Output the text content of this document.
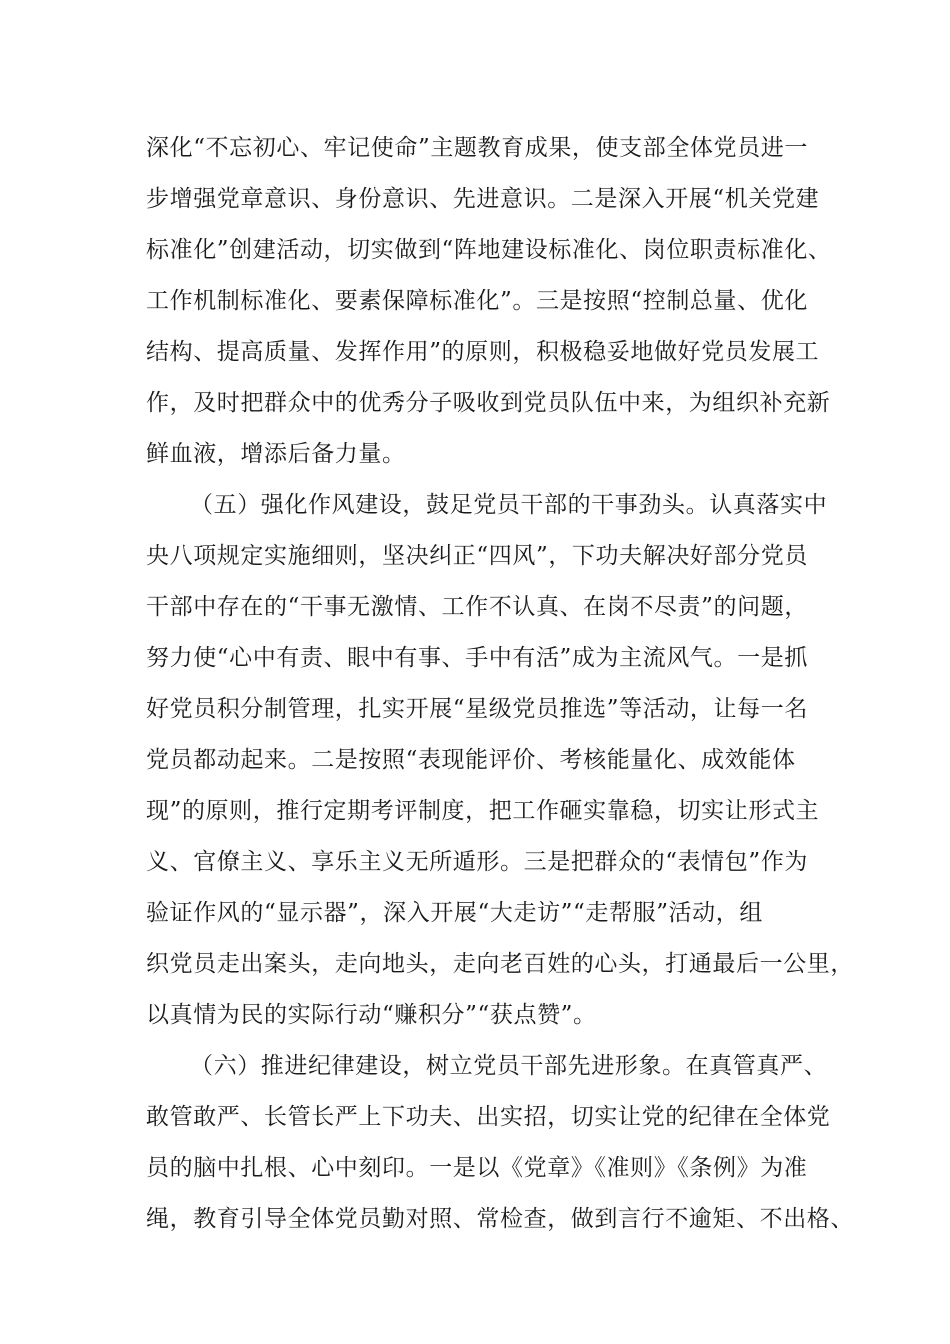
深化“不忘初心、牢记使命”主题教育成果，使支部全体党员进一
步增强党章意识、身份意识、先进意识。二是深入开展“机关党建
标准化”创建活动，切实做到“阵地建设标准化、岗位职责标准化、
工作机制标准化、要素保障标准化”。三是按照“控制总量、优化
结构、提高质量、发挥作用”的原则，积极稳妥地做好党员发展工
作，及时把群众中的优秀分子吸收到党员队伍中来，为组织补充新
鲜血液，增添后备力量。
（五）强化作风建设，鼓足党员干部的干事劲头。认真落实中
央八项规定实施细则，坚决纠正“四风”，下功夫解决好部分党员
干部中存在的“干事无激情、工作不认真、在岗不尽责”的问题，
努力使“心中有责、眼中有事、手中有活”成为主流风气。一是抓
好党员积分制管理，扎实开展“星级党员推选”等活动，让每一名
党员都动起来。二是按照“表现能评价、考核能量化、成效能体
现”的原则，推行定期考评制度，把工作砸实靠稳，切实让形式主
义、官僚主义、享乐主义无所遁形。三是把群众的“表情包”作为
验证作风的“显示器”，深入开展“大走访”“走帮服”活动，组
织党员走出案头，走向地头，走向老百姓的心头，打通最后一公里，
以真情为民的实际行动“赚积分”“获点赞”。
（六）推进纪律建设，树立党员干部先进形象。在真管真严、
敢管敢严、长管长严上下功夫、出实招，切实让党的纪律在全体党
员的脑中扎根、心中刻印。一是以《党章》《准则》《条例》为准
绳，教育引导全体党员勤对照、常检查，做到言行不逾矩、不出格、
